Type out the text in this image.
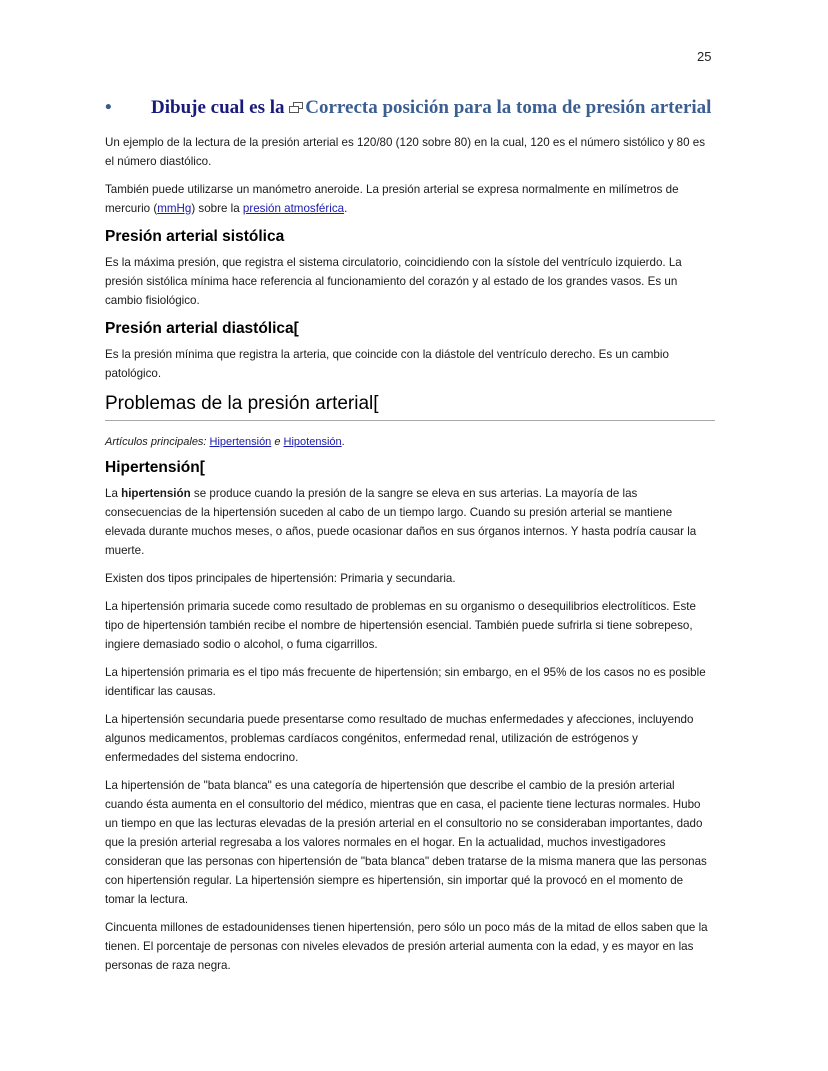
25
• Dibuje cual es la Correcta posición para la toma de presión arterial

Un ejemplo de la lectura de la presión arterial es 120/80 (120 sobre 80) en la cual, 120 es el número sistólico y 80 es el número diastólico.

También puede utilizarse un manómetro aneroide. La presión arterial se expresa normalmente en milímetros de mercurio (mmHg) sobre la presión atmosférica.

Presión arterial sistólica

Es la máxima presión, que registra el sistema circulatorio, coincidiendo con la sístole del ventrículo izquierdo. La presión sistólica mínima hace referencia al funcionamiento del corazón y al estado de los grandes vasos. Es un cambio fisiológico.

Presión arterial diastólica[

Es la presión mínima que registra la arteria, que coincide con la diástole del ventrículo derecho. Es un cambio patológico.

Problemas de la presión arterial[
Artículos principales: Hipertensión e Hipotensión.
Hipertensión[

La hipertensión se produce cuando la presión de la sangre se eleva en sus arterias. La mayoría de las consecuencias de la hipertensión suceden al cabo de un tiempo largo. Cuando su presión arterial se mantiene elevada durante muchos meses, o años, puede ocasionar daños en sus órganos internos. Y hasta podría causar la muerte.

Existen dos tipos principales de hipertensión: Primaria y secundaria.

La hipertensión primaria sucede como resultado de problemas en su organismo o desequilibrios electrolíticos. Este tipo de hipertensión también recibe el nombre de hipertensión esencial. También puede sufrirla si tiene sobrepeso, ingiere demasiado sodio o alcohol, o fuma cigarrillos.

La hipertensión primaria es el tipo más frecuente de hipertensión; sin embargo, en el 95% de los casos no es posible identificar las causas.

La hipertensión secundaria puede presentarse como resultado de muchas enfermedades y afecciones, incluyendo algunos medicamentos, problemas cardíacos congénitos, enfermedad renal, utilización de estrógenos y enfermedades del sistema endocrino.

La hipertensión de "bata blanca" es una categoría de hipertensión que describe el cambio de la presión arterial cuando ésta aumenta en el consultorio del médico, mientras que en casa, el paciente tiene lecturas normales. Hubo un tiempo en que las lecturas elevadas de la presión arterial en el consultorio no se consideraban importantes, dado que la presión arterial regresaba a los valores normales en el hogar. En la actualidad, muchos investigadores consideran que las personas con hipertensión de "bata blanca" deben tratarse de la misma manera que las personas con hipertensión regular. La hipertensión siempre es hipertensión, sin importar qué la provocó en el momento de tomar la lectura.

Cincuenta millones de estadounidenses tienen hipertensión, pero sólo un poco más de la mitad de ellos saben que la tienen. El porcentaje de personas con niveles elevados de presión arterial aumenta con la edad, y es mayor en las personas de raza negra.
